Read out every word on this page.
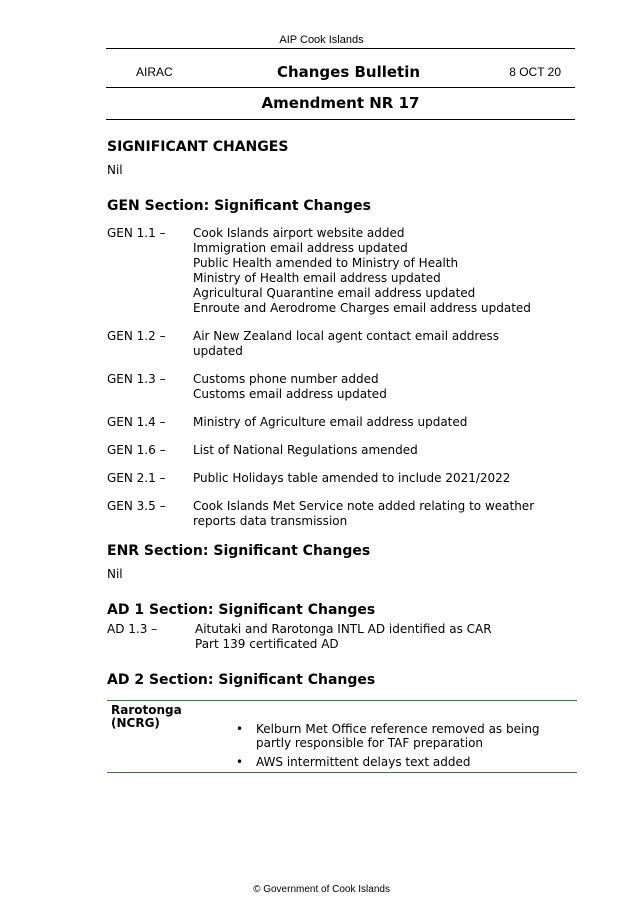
AIP Cook Islands
AIRAC	Changes Bulletin	8 OCT 20
Amendment NR 17
SIGNIFICANT CHANGES
Nil
GEN Section: Significant Changes
GEN 1.1 –	Cook Islands airport website added
Immigration email address updated
Public Health amended to Ministry of Health
Ministry of Health email address updated
Agricultural Quarantine email address updated
Enroute and Aerodrome Charges email address updated
GEN 1.2 –	Air New Zealand local agent contact email address
updated
GEN 1.3 –	Customs phone number added
Customs email address updated
GEN 1.4 –	Ministry of Agriculture email address updated
GEN 1.6 –	List of National Regulations amended
GEN 2.1 –	Public Holidays table amended to include 2021/2022
GEN 3.5 –	Cook Islands Met Service note added relating to weather
reports data transmission
ENR Section: Significant Changes
Nil
AD 1 Section: Significant Changes
AD 1.3 –	Aitutaki and Rarotonga INTL AD identified as CAR
Part 139 certificated AD
AD 2 Section: Significant Changes
Rarotonga
(NCRG)	•	Kelburn Met Office reference removed as being
partly responsible for TAF preparation
•	AWS intermittent delays text added
© Government of Cook Islands
